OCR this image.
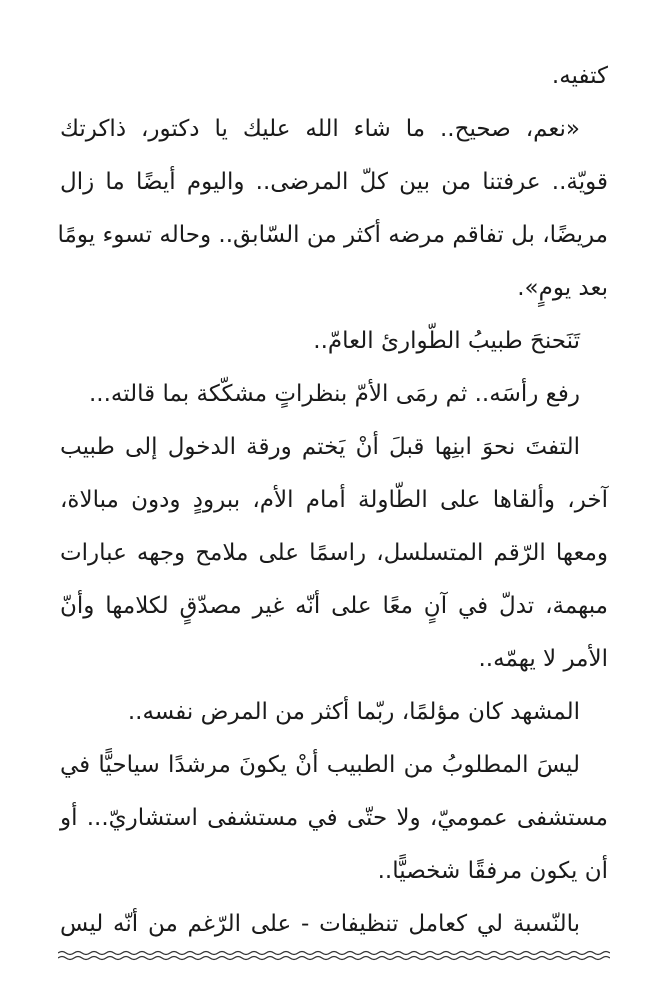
كتفيه.
«نعم، صحيح.. ما شاء الله عليك يا دكتور، ذاكرتك
قويّة.. عرفتنا من بين كلّ المرضى.. واليوم أيضًا ما زال
مريضًا، بل تفاقم مرضه أكثر من السّابق.. وحاله تسوء يومًا
بعد يومٍ».
تَنَحنحَ طبيبُ الطّوارئ العامّ..
رفع رأسَه.. ثم رمَى الأمّ بنظراتٍ مشكّكة بما قالته...
التفتَ نحوَ ابنِها قبلَ أنْ يَختم ورقة الدخول إلى طبيب
آخر، وألقاها على الطّاولة أمام الأم، ببرودٍ ودون مبالاة،
ومعها الرّقم المتسلسل، راسمًا على ملامح وجهه عبارات
مبهمة، تدلّ في آنٍ معًا على أنّه غير مصدّقٍ لكلامها وأنّ
الأمر لا يهمّه..
المشهد كان مؤلمًا، ربّما أكثر من المرض نفسه..
ليسَ المطلوبُ من الطبيب أنْ يكونَ مرشدًا سياحيًّا في
مستشفى عموميّ، ولا حتّى في مستشفى استشاريّ... أو
أن يكون مرفقًا شخصيًّا..
بالنّسبة لي كعامل تنظيفات - على الرّغم من أنّه ليس
